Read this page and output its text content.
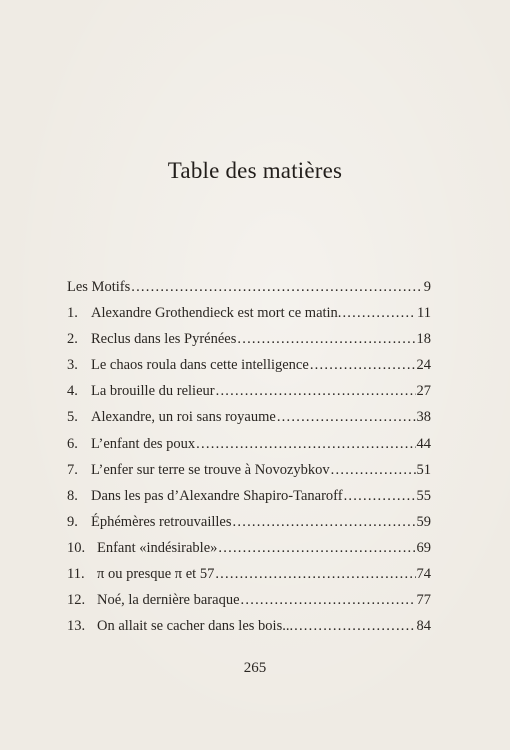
Table des matières
Les Motifs . . .	9
1. Alexandre Grothendieck est mort ce matin. . . .	11
2. Reclus dans les Pyrénées . . .	18
3. Le chaos roula dans cette intelligence . . .	24
4. La brouille du relieur . . .	27
5. Alexandre, un roi sans royaume . . .	38
6. L’enfant des poux . . .	44
7. L’enfer sur terre se trouve à Novozybkov . . .	51
8. Dans les pas d’Alexandre Shapiro-Tanaroff . . .	55
9. Éphémères retrouvailles . . .	59
10. Enfant «indésirable» . . .	69
11. π ou presque π et 57 . . .	74
12. Noé, la dernière baraque . . .	77
13. On allait se cacher dans les bois... . . .	84
265
